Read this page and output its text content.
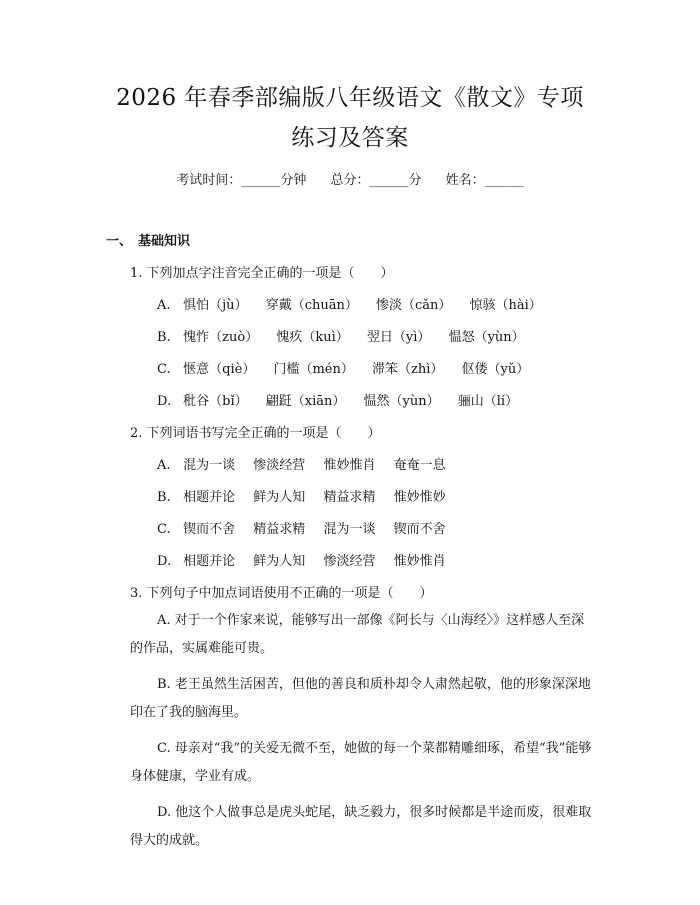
2026 年春季部编版八年级语文《散文》专项
练习及答案
考试时间：______分钟 总分：______分 姓名：______
一、 基础知识
1. 下列加点字注音完全正确的一项是（　　）
A. 惧怕（jù） 穿戴（chuān） 惨淡（cǎn） 惊骇（hài）
B. 愧怍（zuò） 愧疚（kuì） 翌日（yì） 愠怒（yùn）
C. 惬意（qiè） 门槛（mén） 滞笨（zhì） 伛偻（yǔ）
D. 秕谷（bǐ） 翩跹（xiān） 愠然（yùn） 骊山（lí）
2. 下列词语书写完全正确的一项是（　　）
A. 混为一谈 惨淡经营 惟妙惟肖 奄奄一息
B. 相题并论 鲜为人知 精益求精 惟妙惟妙
C. 锲而不舍 精益求精 混为一谈 锲而不舍
D. 相题并论 鲜为人知 惨淡经营 惟妙惟肖
3. 下列句子中加点词语使用不正确的一项是（　　）
A. 对于一个作家来说，能够写出一部像《阿长与〈山海经〉》这样感人至深的作品，实属难能可贵。
B. 老王虽然生活困苦，但他的善良和质朴却令人肃然起敬，他的形象深深地印在了我的脑海里。
C. 母亲对“我”的关爱无微不至，她做的每一个菜都精雕细琢，希望“我”能够身体健康，学业有成。
D. 他这个人做事总是虎头蛇尾，缺乏毅力，很多时候都是半途而废，很难取得大的成就。
